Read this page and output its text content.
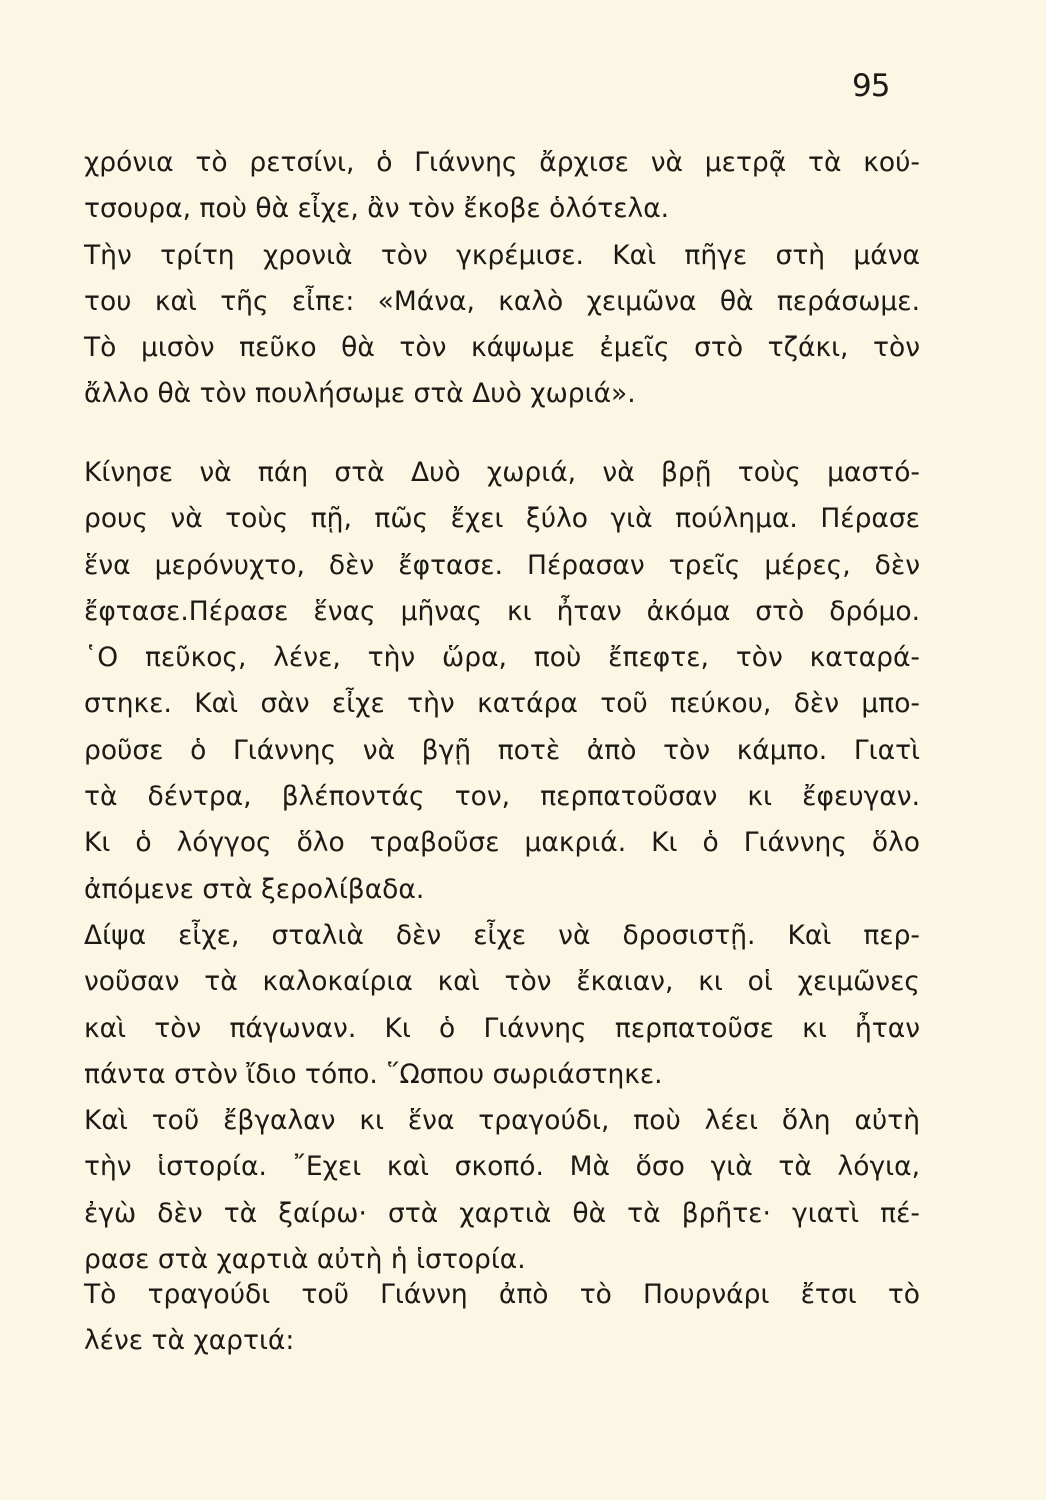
95
χρόνια τὸ ρετσίνι, ὁ Γιάννης ἄρχισε νὰ μετρᾷ τὰ κού-
τσουρα, ποὺ θὰ εἶχε, ἂν τὸν ἔκοβε ὁλότελα.
Τὴν τρίτη χρονιὰ τὸν γκρέμισε. Καὶ πῆγε στὴ μάνα
του καὶ τῆς εἶπε: «Μάνα, καλὸ χειμῶνα θὰ περάσωμε.
Τὸ μισὸν πεῦκο θὰ τὸν κάψωμε ἐμεῖς στὸ τζάκι, τὸν
ἄλλο θὰ τὸν πουλήσωμε στὰ Δυὸ χωριά».
Κίνησε νὰ πάη στὰ Δυὸ χωριά, νὰ βρῇ τοὺς μαστό-
ρους νὰ τοὺς πῇ, πῶς ἔχει ξύλο γιὰ πούλημα. Πέρασε
ἕνα μερόνυχτο, δὲν ἔφτασε. Πέρασαν τρεῖς μέρες, δὲν
ἔφτασε.Πέρασε ἕνας μῆνας κι ἦταν ἀκόμα στὸ δρόμο.
῾Ο πεῦκος, λένε, τὴν ὥρα, ποὺ ἔπεφτε, τὸν καταρά-
στηκε. Καὶ σὰν εἶχε τὴν κατάρα τοῦ πεύκου, δὲν μπο-
ροῦσε ὁ Γιάννης νὰ βγῇ ποτὲ ἀπὸ τὸν κάμπο. Γιατὶ
τὰ δέντρα, βλέποντάς τον, περπατοῦσαν κι ἔφευγαν.
Κι ὁ λόγγος ὅλο τραβοῦσε μακριά. Κι ὁ Γιάννης ὅλο
ἀπόμενε στὰ ξερολίβαδα.
Δίψα εἶχε, σταλιὰ δὲν εἶχε νὰ δροσιστῇ. Καὶ περ-
νοῦσαν τὰ καλοκαίρια καὶ τὸν ἔκαιαν, κι οἱ χειμῶνες
καὶ τὸν πάγωναν. Κι ὁ Γιάννης περπατοῦσε κι ἦταν
πάντα στὸν ἴδιο τόπο. ῞Ωσπου σωριάστηκε.
Καὶ τοῦ ἔβγαλαν κι ἕνα τραγούδι, ποὺ λέει ὅλη αὐτὴ
τὴν ἱστορία. ῎Εχει καὶ σκοπό. Μὰ ὅσο γιὰ τὰ λόγια,
ἐγὼ δὲν τὰ ξαίρω· στὰ χαρτιὰ θὰ τὰ βρῆτε· γιατὶ πέ-
ρασε στὰ χαρτιὰ αὐτὴ ἡ ἱστορία.
Τὸ τραγούδι τοῦ Γιάννη ἀπὸ τὸ Πουρνάρι ἔτσι τὸ
λένε τὰ χαρτιά:
